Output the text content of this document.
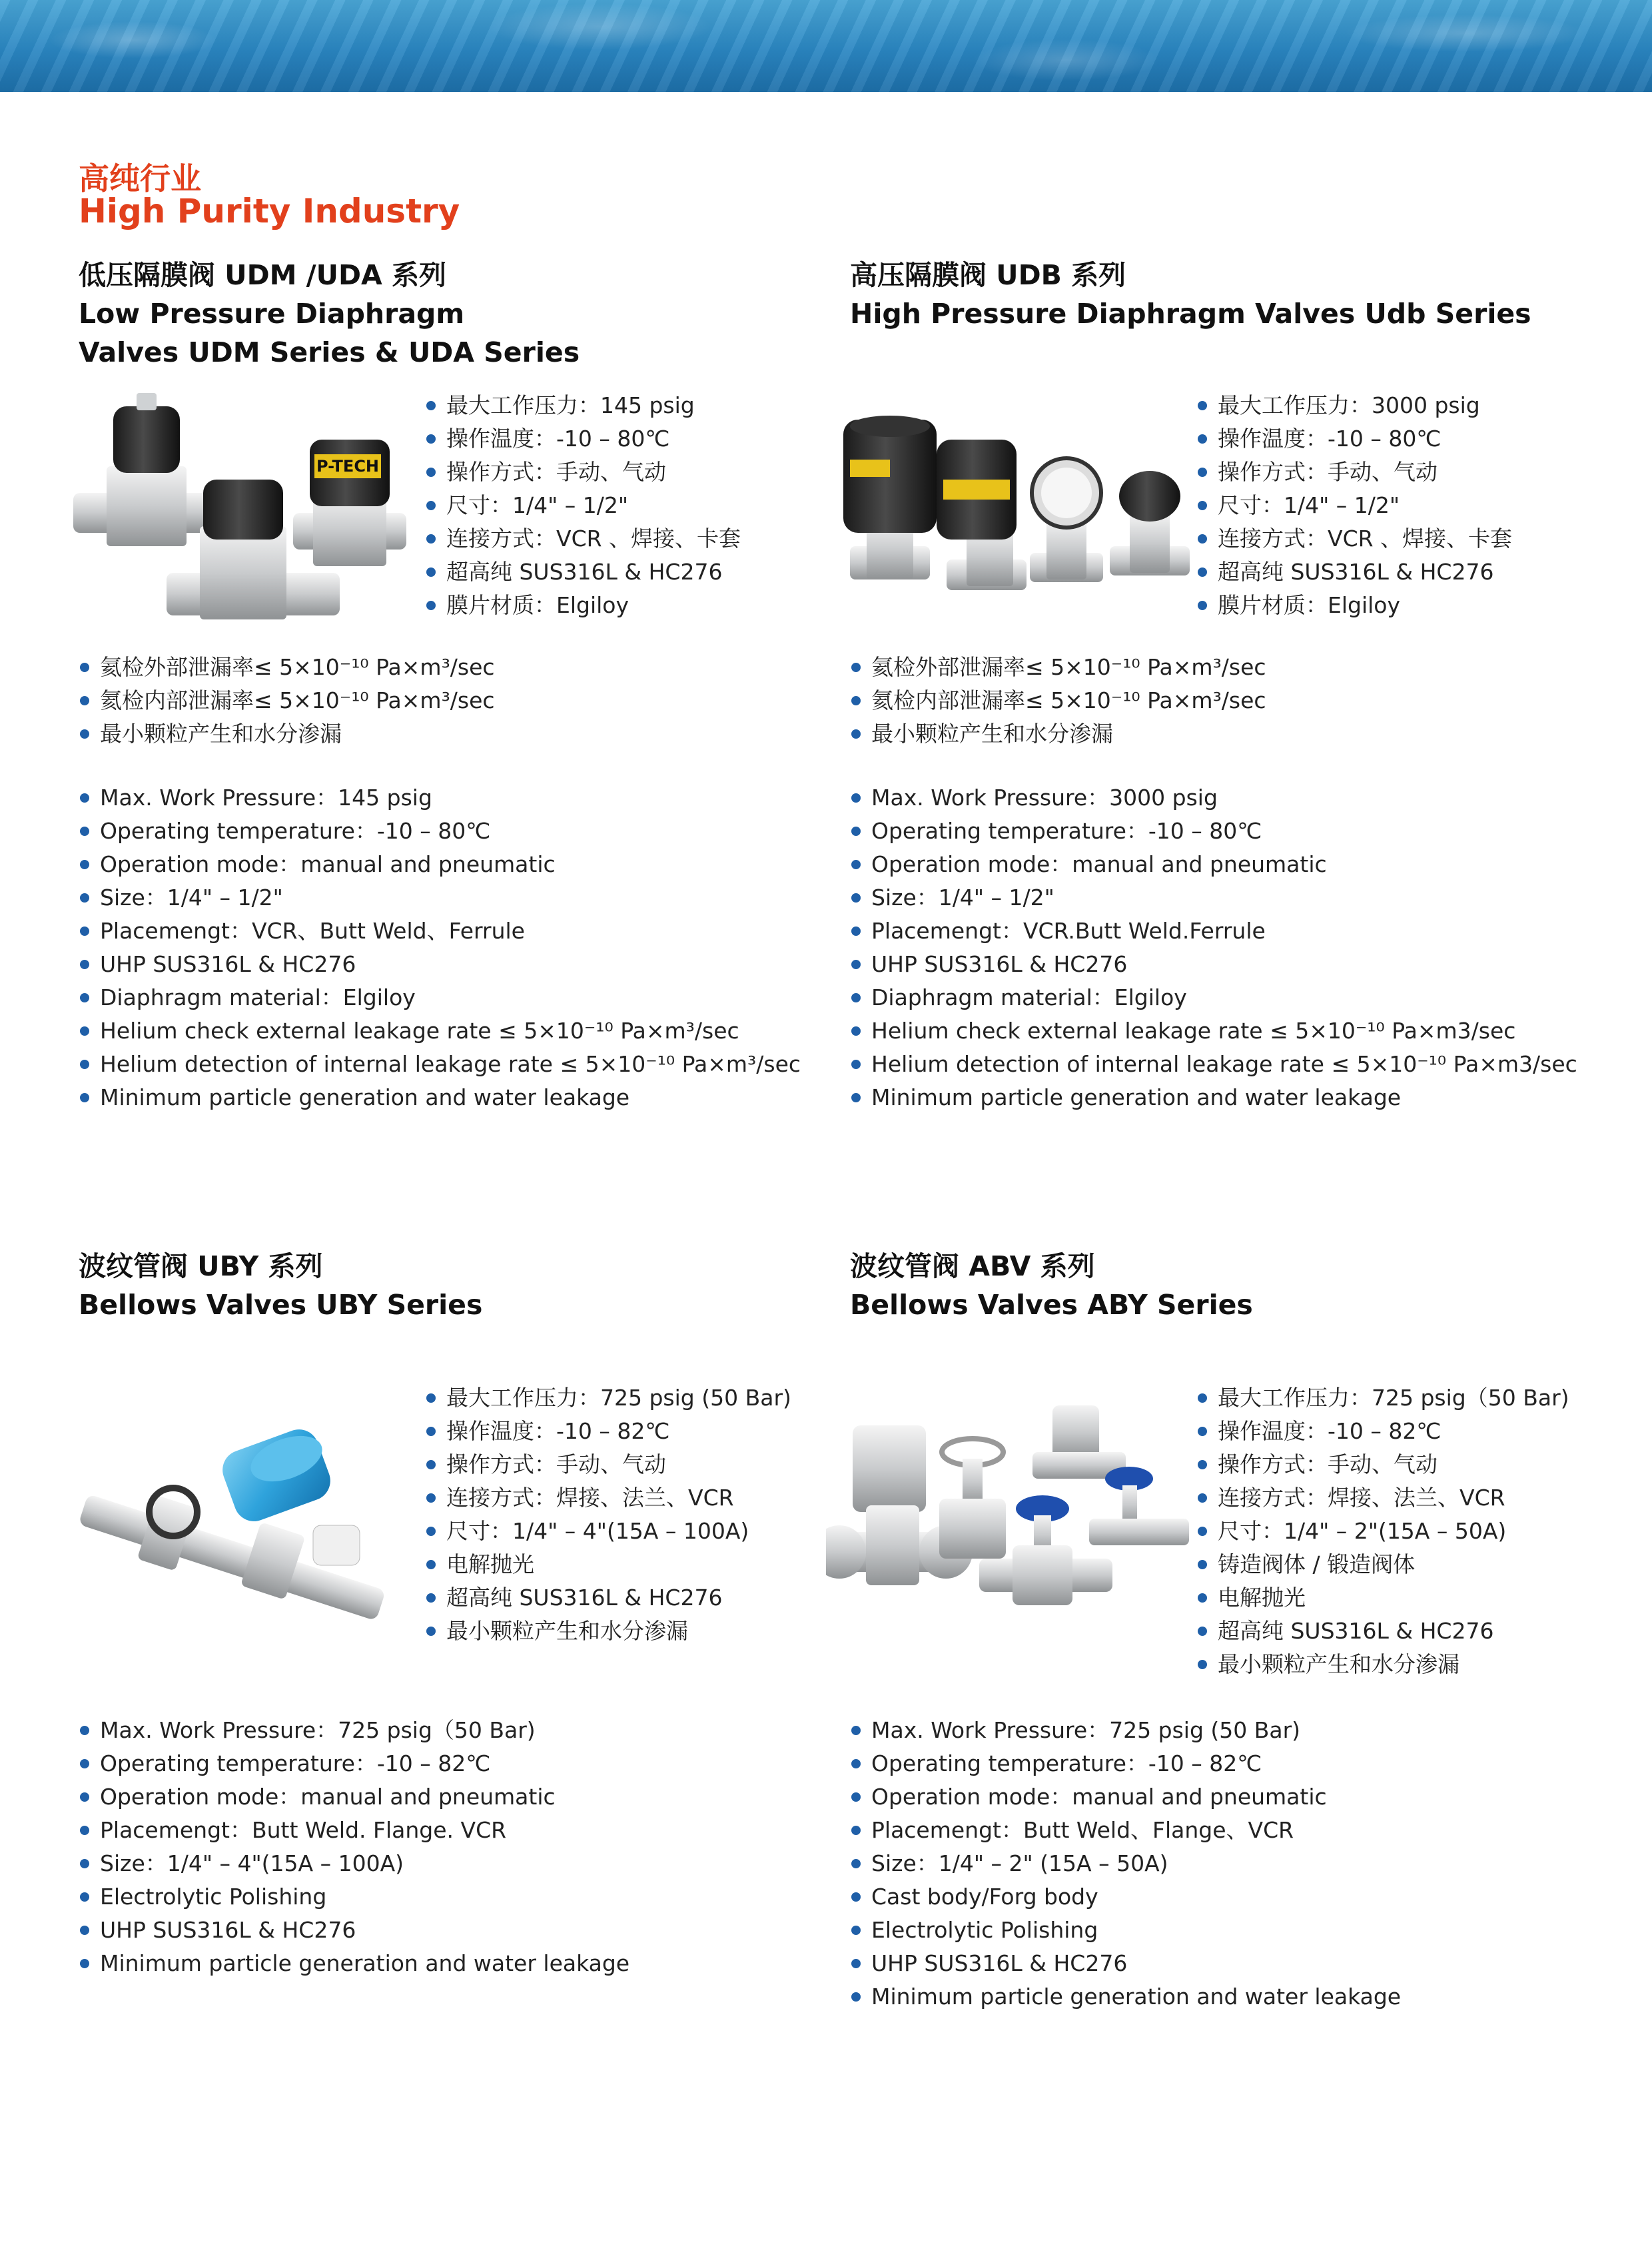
高纯行业
High Purity Industry
低压隔膜阀 UDM /UDA 系列
Low Pressure Diaphragm
Valves UDM Series & UDA Series
P-TECH
最大工作压力：145 psig
操作温度：-10 – 80℃
操作方式：手动、气动
尺寸：1/4" – 1/2"
连接方式：VCR 、焊接、卡套
超高纯 SUS316L & HC276
膜片材质：Elgiloy
氦检外部泄漏率≤ 5×10⁻¹⁰ Pa×m³/sec
氦检内部泄漏率≤ 5×10⁻¹⁰ Pa×m³/sec
最小颗粒产生和水分渗漏
Max. Work Pressure：145 psig
Operating temperature：-10 – 80℃
Operation mode：manual and pneumatic
Size：1/4" – 1/2"
Placemengt：VCR、Butt Weld、Ferrule
UHP SUS316L & HC276
Diaphragm material：Elgiloy
Helium check external leakage rate ≤ 5×10⁻¹⁰ Pa×m³/sec
Helium detection of internal leakage rate ≤ 5×10⁻¹⁰ Pa×m³/sec
Minimum particle generation and water leakage
高压隔膜阀 UDB 系列
High Pressure Diaphragm Valves Udb Series
最大工作压力：3000 psig
操作温度：-10 – 80℃
操作方式：手动、气动
尺寸：1/4" – 1/2"
连接方式：VCR 、焊接、卡套
超高纯 SUS316L & HC276
膜片材质：Elgiloy
氦检外部泄漏率≤ 5×10⁻¹⁰ Pa×m³/sec
氦检内部泄漏率≤ 5×10⁻¹⁰ Pa×m³/sec
最小颗粒产生和水分渗漏
Max. Work Pressure：3000 psig
Operating temperature：-10 – 80℃
Operation mode：manual and pneumatic
Size：1/4" – 1/2"
Placemengt：VCR.Butt Weld.Ferrule
UHP SUS316L & HC276
Diaphragm material：Elgiloy
Helium check external leakage rate ≤ 5×10⁻¹⁰ Pa×m3/sec
Helium detection of internal leakage rate ≤ 5×10⁻¹⁰ Pa×m3/sec
Minimum particle generation and water leakage
波纹管阀 UBY 系列
Bellows Valves UBY Series
最大工作压力：725 psig (50 Bar)
操作温度：-10 – 82℃
操作方式：手动、气动
连接方式：焊接、法兰、VCR
尺寸：1/4" – 4"(15A – 100A)
电解抛光
超高纯 SUS316L & HC276
最小颗粒产生和水分渗漏
Max. Work Pressure：725 psig（50 Bar)
Operating temperature：-10 – 82℃
Operation mode：manual and pneumatic
Placemengt：Butt Weld. Flange. VCR
Size：1/4" – 4"(15A – 100A)
Electrolytic Polishing
UHP SUS316L & HC276
Minimum particle generation and water leakage
波纹管阀 ABV 系列
Bellows Valves ABY Series
最大工作压力：725 psig（50 Bar)
操作温度：-10 – 82℃
操作方式：手动、气动
连接方式：焊接、法兰、VCR
尺寸：1/4" – 2"(15A – 50A)
铸造阀体 / 锻造阀体
电解抛光
超高纯 SUS316L & HC276
最小颗粒产生和水分渗漏
Max. Work Pressure：725 psig (50 Bar)
Operating temperature：-10 – 82℃
Operation mode：manual and pneumatic
Placemengt：Butt Weld、Flange、VCR
Size：1/4" – 2" (15A – 50A)
Cast body/Forg body
Electrolytic Polishing
UHP SUS316L & HC276
Minimum particle generation and water leakage
